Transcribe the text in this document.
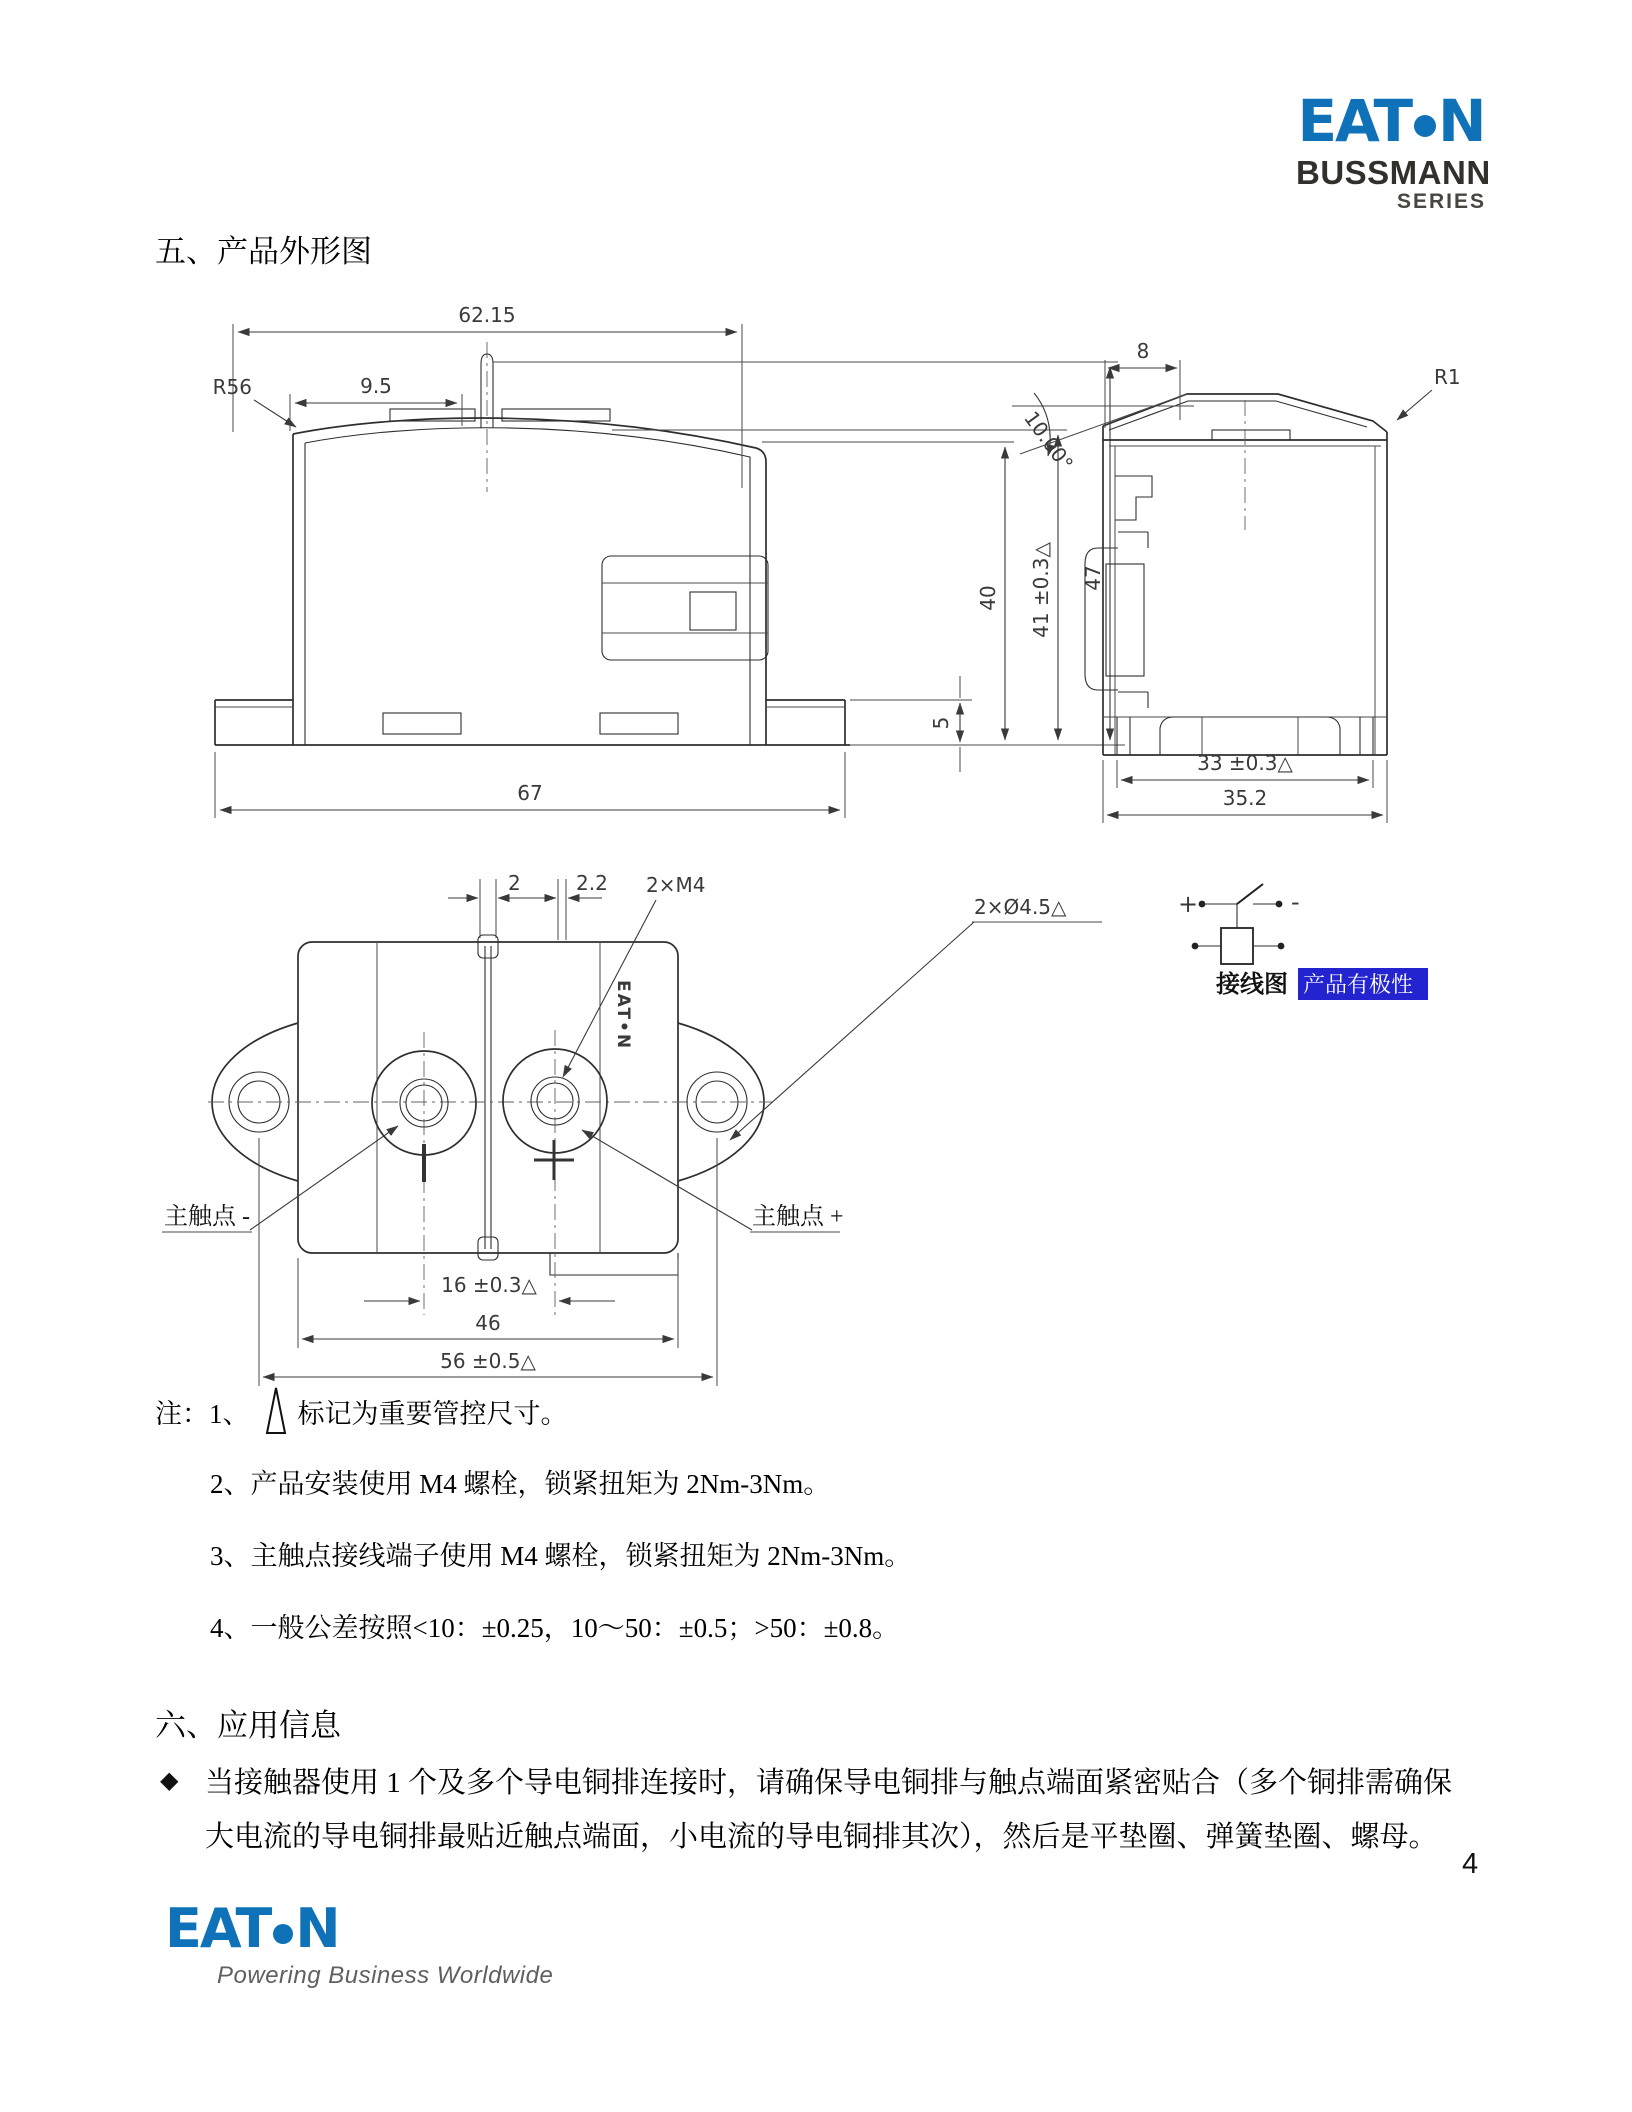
EAT N
BUSSMANN
SERIES
五、产品外形图
62.15
9.5
R56
40 41 ±0.3△ 47
5
67
8
10.00°
R1
33 ±0.3△
35.2
EAT•N
2	2.2 2×M4
2×Ø4.5△
主触点 -	主触点 +
16 ±0.3△
46
56 ±0.5△
+	-
接线图 产品有极性
注：1、 标记为重要管控尺寸。
2、产品安装使用 M4 螺栓，锁紧扭矩为 2Nm-3Nm。
3、主触点接线端子使用 M4 螺栓，锁紧扭矩为 2Nm-3Nm。
4、一般公差按照<10：±0.25，10～50：±0.5；>50：±0.8。
六、应用信息
◆ 当接触器使用 1 个及多个导电铜排连接时，请确保导电铜排与触点端面紧密贴合（多个铜排需确保
大电流的导电铜排最贴近触点端面，小电流的导电铜排其次），然后是平垫圈、弹簧垫圈、螺母。
4
EAT N
Powering Business Worldwide
